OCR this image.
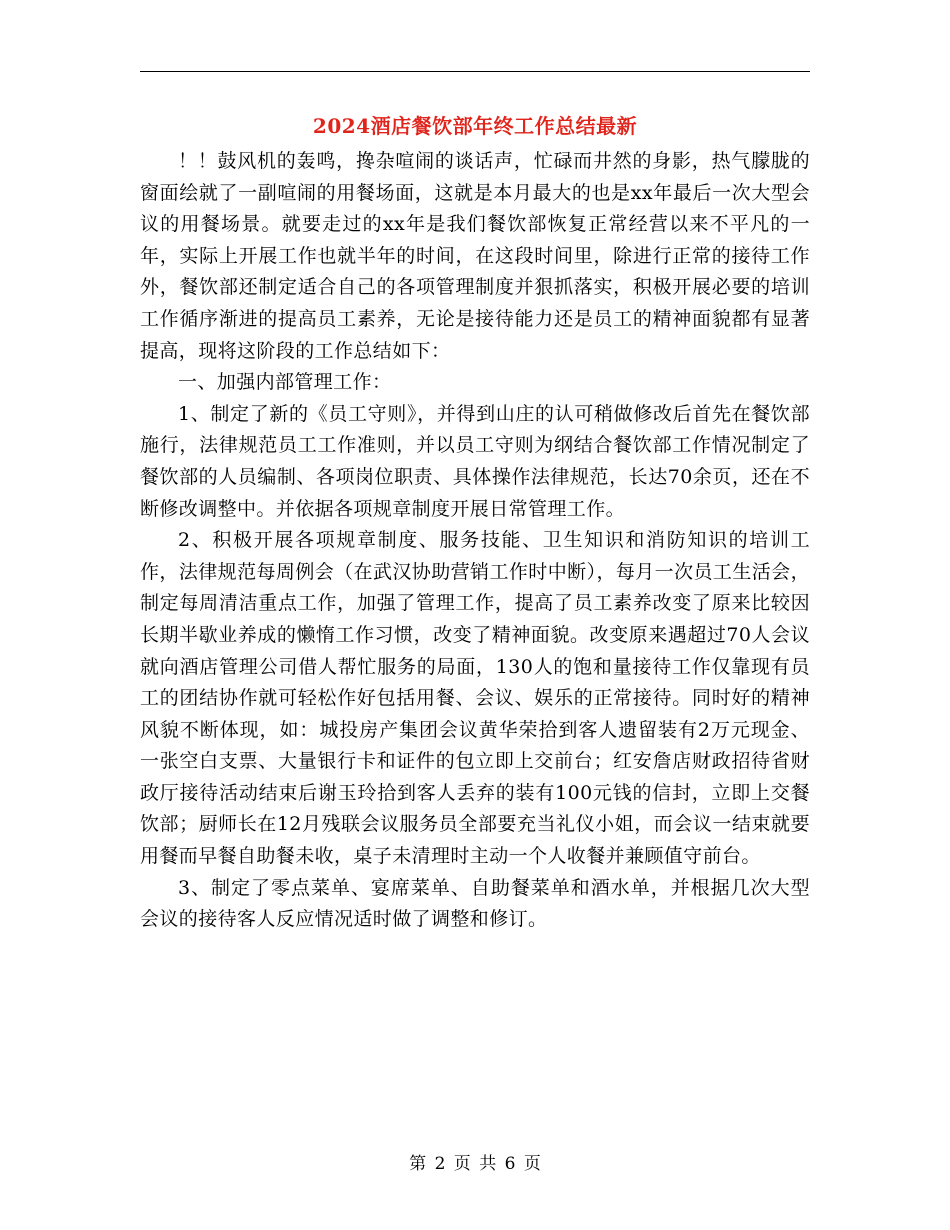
2024酒店餐饮部年终工作总结最新

！！鼓风机的轰鸣，搀杂喧闹的谈话声，忙碌而井然的身影，热气朦胧的窗面绘就了一副喧闹的用餐场面，这就是本月最大的也是xx年最后一次大型会议的用餐场景。就要走过的xx年是我们餐饮部恢复正常经营以来不平凡的一年，实际上开展工作也就半年的时间，在这段时间里，除进行正常的接待工作外，餐饮部还制定适合自己的各项管理制度并狠抓落实，积极开展必要的培训工作循序渐进的提高员工素养，无论是接待能力还是员工的精神面貌都有显著提高，现将这阶段的工作总结如下：

一、加强内部管理工作：

1、制定了新的《员工守则》，并得到山庄的认可稍做修改后首先在餐饮部施行，法律规范员工工作准则，并以员工守则为纲结合餐饮部工作情况制定了餐饮部的人员编制、各项岗位职责、具体操作法律规范，长达70余页，还在不断修改调整中。并依据各项规章制度开展日常管理工作。

2、积极开展各项规章制度、服务技能、卫生知识和消防知识的培训工作，法律规范每周例会（在武汉协助营销工作时中断），每月一次员工生活会，制定每周清洁重点工作，加强了管理工作，提高了员工素养改变了原来比较因长期半歇业养成的懒惰工作习惯，改变了精神面貌。改变原来遇超过70人会议就向酒店管理公司借人帮忙服务的局面，130人的饱和量接待工作仅靠现有员工的团结协作就可轻松作好包括用餐、会议、娱乐的正常接待。同时好的精神风貌不断体现，如：城投房产集团会议黄华荣拾到客人遗留装有2万元现金、一张空白支票、大量银行卡和证件的包立即上交前台；红安詹店财政招待省财政厅接待活动结束后谢玉玲拾到客人丢弃的装有100元钱的信封，立即上交餐饮部；厨师长在12月残联会议服务员全部要充当礼仪小姐，而会议一结束就要用餐而早餐自助餐未收，桌子未清理时主动一个人收餐并兼顾值守前台。

3、制定了零点菜单、宴席菜单、自助餐菜单和酒水单，并根据几次大型会议的接待客人反应情况适时做了调整和修订。

第 2 页 共 6 页
